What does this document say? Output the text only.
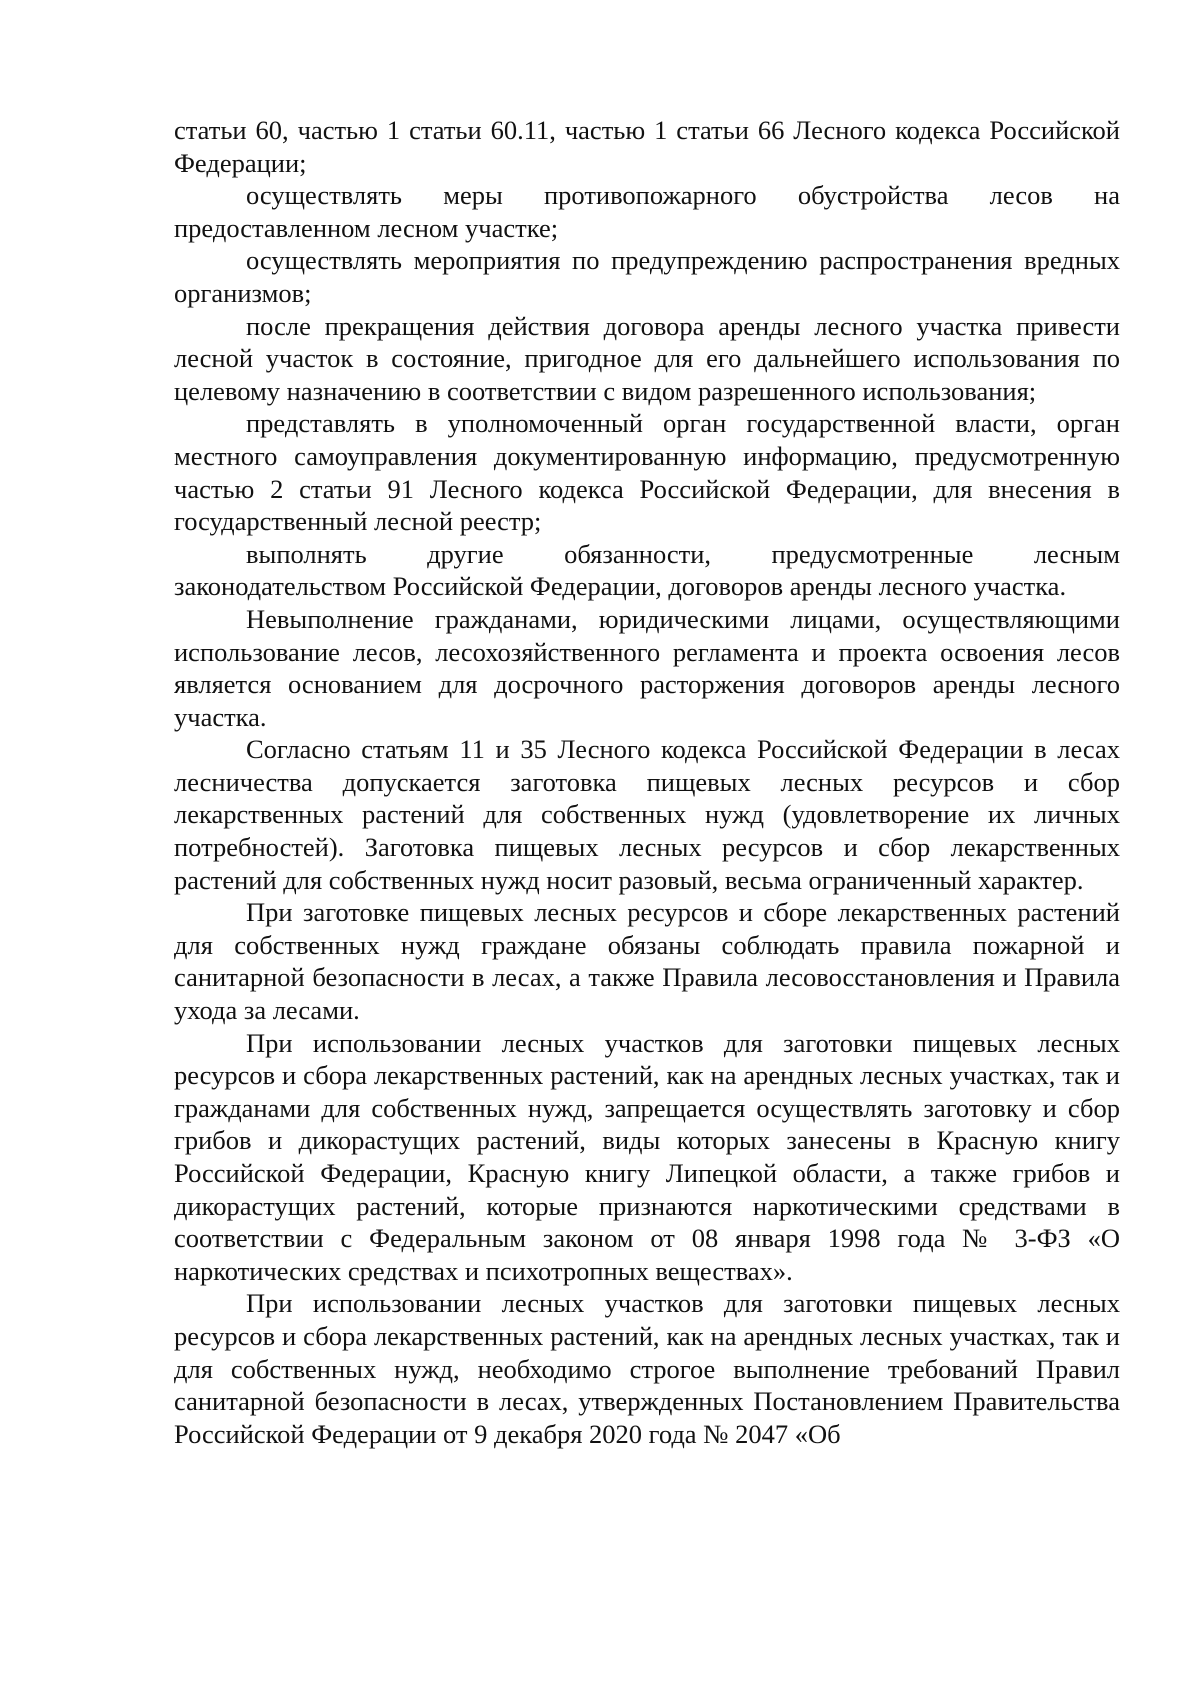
статьи 60, частью 1 статьи 60.11, частью 1 статьи 66 Лесного кодекса Российской Федерации;

осуществлять меры противопожарного обустройства лесов на предоставленном лесном участке;

осуществлять мероприятия по предупреждению распространения вредных организмов;

после прекращения действия договора аренды лесного участка привести лесной участок в состояние, пригодное для его дальнейшего использования по целевому назначению в соответствии с видом разрешенного использования;

представлять в уполномоченный орган государственной власти, орган местного самоуправления документированную информацию, предусмотренную частью 2 статьи 91 Лесного кодекса Российской Федерации, для внесения в государственный лесной реестр;

выполнять другие обязанности, предусмотренные лесным законодательством Российской Федерации, договоров аренды лесного участка.

Невыполнение гражданами, юридическими лицами, осуществляющими использование лесов, лесохозяйственного регламента и проекта освоения лесов является основанием для досрочного расторжения договоров аренды лесного участка.

Согласно статьям 11 и 35 Лесного кодекса Российской Федерации в лесах лесничества допускается заготовка пищевых лесных ресурсов и сбор лекарственных растений для собственных нужд (удовлетворение их личных потребностей). Заготовка пищевых лесных ресурсов и сбор лекарственных растений для собственных нужд носит разовый, весьма ограниченный характер.

При заготовке пищевых лесных ресурсов и сборе лекарственных растений для собственных нужд граждане обязаны соблюдать правила пожарной и санитарной безопасности в лесах, а также Правила лесовосстановления и Правила ухода за лесами.

При использовании лесных участков для заготовки пищевых лесных ресурсов и сбора лекарственных растений, как на арендных лесных участках, так и гражданами для собственных нужд, запрещается осуществлять заготовку и сбор грибов и дикорастущих растений, виды которых занесены в Красную книгу Российской Федерации, Красную книгу Липецкой области, а также грибов и дикорастущих растений, которые признаются наркотическими средствами в соответствии с Федеральным законом от 08 января 1998 года № 3-ФЗ «О наркотических средствах и психотропных веществах».

При использовании лесных участков для заготовки пищевых лесных ресурсов и сбора лекарственных растений, как на арендных лесных участках, так и для собственных нужд, необходимо строгое выполнение требований Правил санитарной безопасности в лесах, утвержденных Постановлением Правительства Российской Федерации от 9 декабря 2020 года № 2047 «Об
